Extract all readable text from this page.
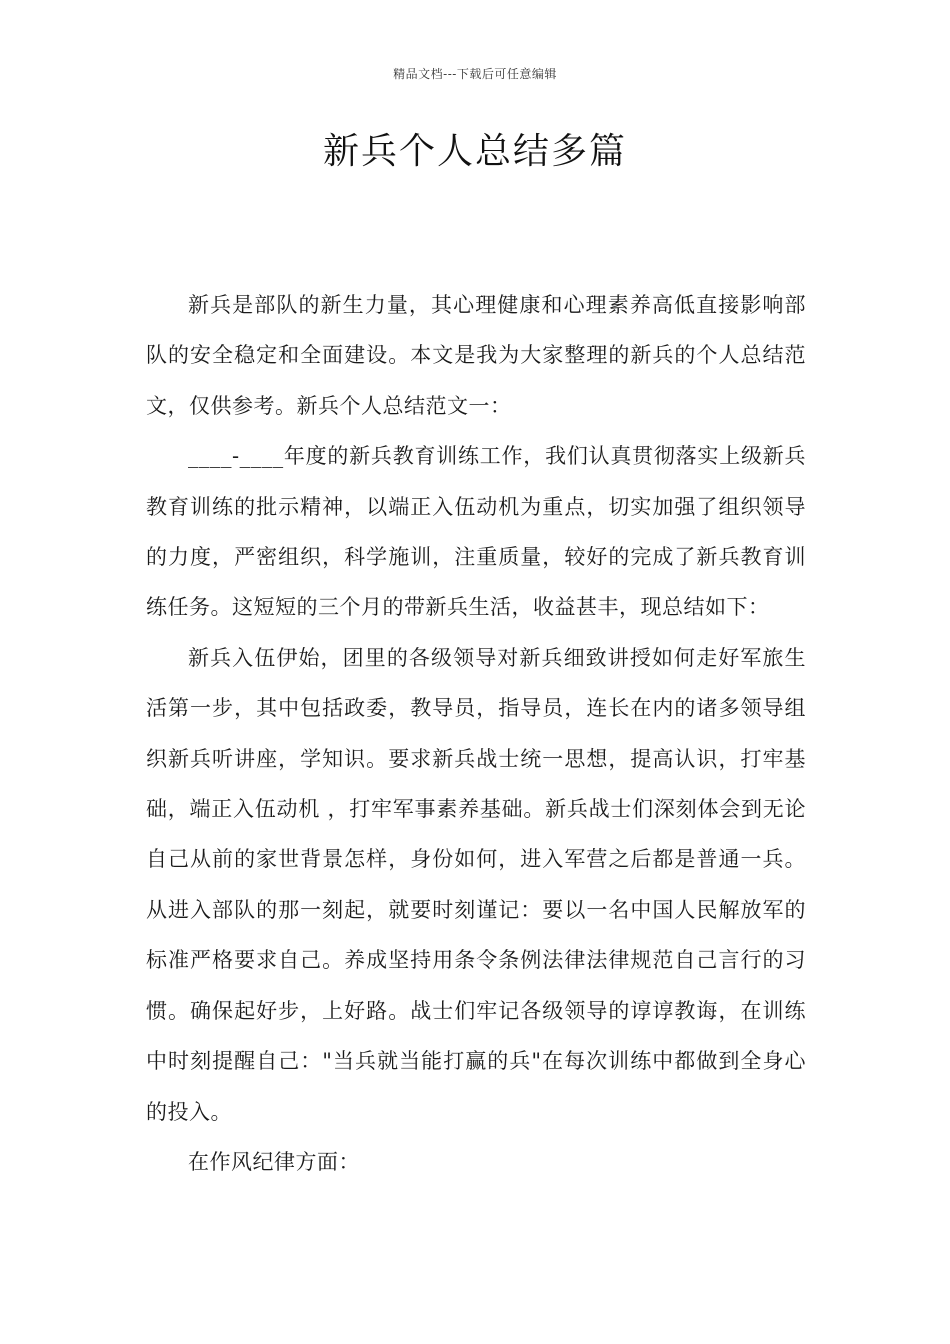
精品文档---下载后可任意编辑
新兵个人总结多篇

新兵是部队的新生力量，其心理健康和心理素养高低直接影响部队的安全稳定和全面建设。本文是我为大家整理的新兵的个人总结范文，仅供参考。新兵个人总结范文一：

____-____年度的新兵教育训练工作，我们认真贯彻落实上级新兵教育训练的批示精神，以端正入伍动机为重点，切实加强了组织领导的力度，严密组织，科学施训，注重质量，较好的完成了新兵教育训练任务。这短短的三个月的带新兵生活，收益甚丰，现总结如下：

新兵入伍伊始，团里的各级领导对新兵细致讲授如何走好军旅生活第一步，其中包括政委，教导员，指导员，连长在内的诸多领导组织新兵听讲座，学知识。要求新兵战士统一思想，提高认识，打牢基础，端正入伍动机 ，打牢军事素养基础。新兵战士们深刻体会到无论自己从前的家世背景怎样，身份如何，进入军营之后都是普通一兵。从进入部队的那一刻起，就要时刻谨记：要以一名中国人民解放军的标准严格要求自己。养成坚持用条令条例法律法律规范自己言行的习惯。确保起好步，上好路。战士们牢记各级领导的谆谆教诲，在训练中时刻提醒自己："当兵就当能打赢的兵"在每次训练中都做到全身心的投入。

在作风纪律方面：
